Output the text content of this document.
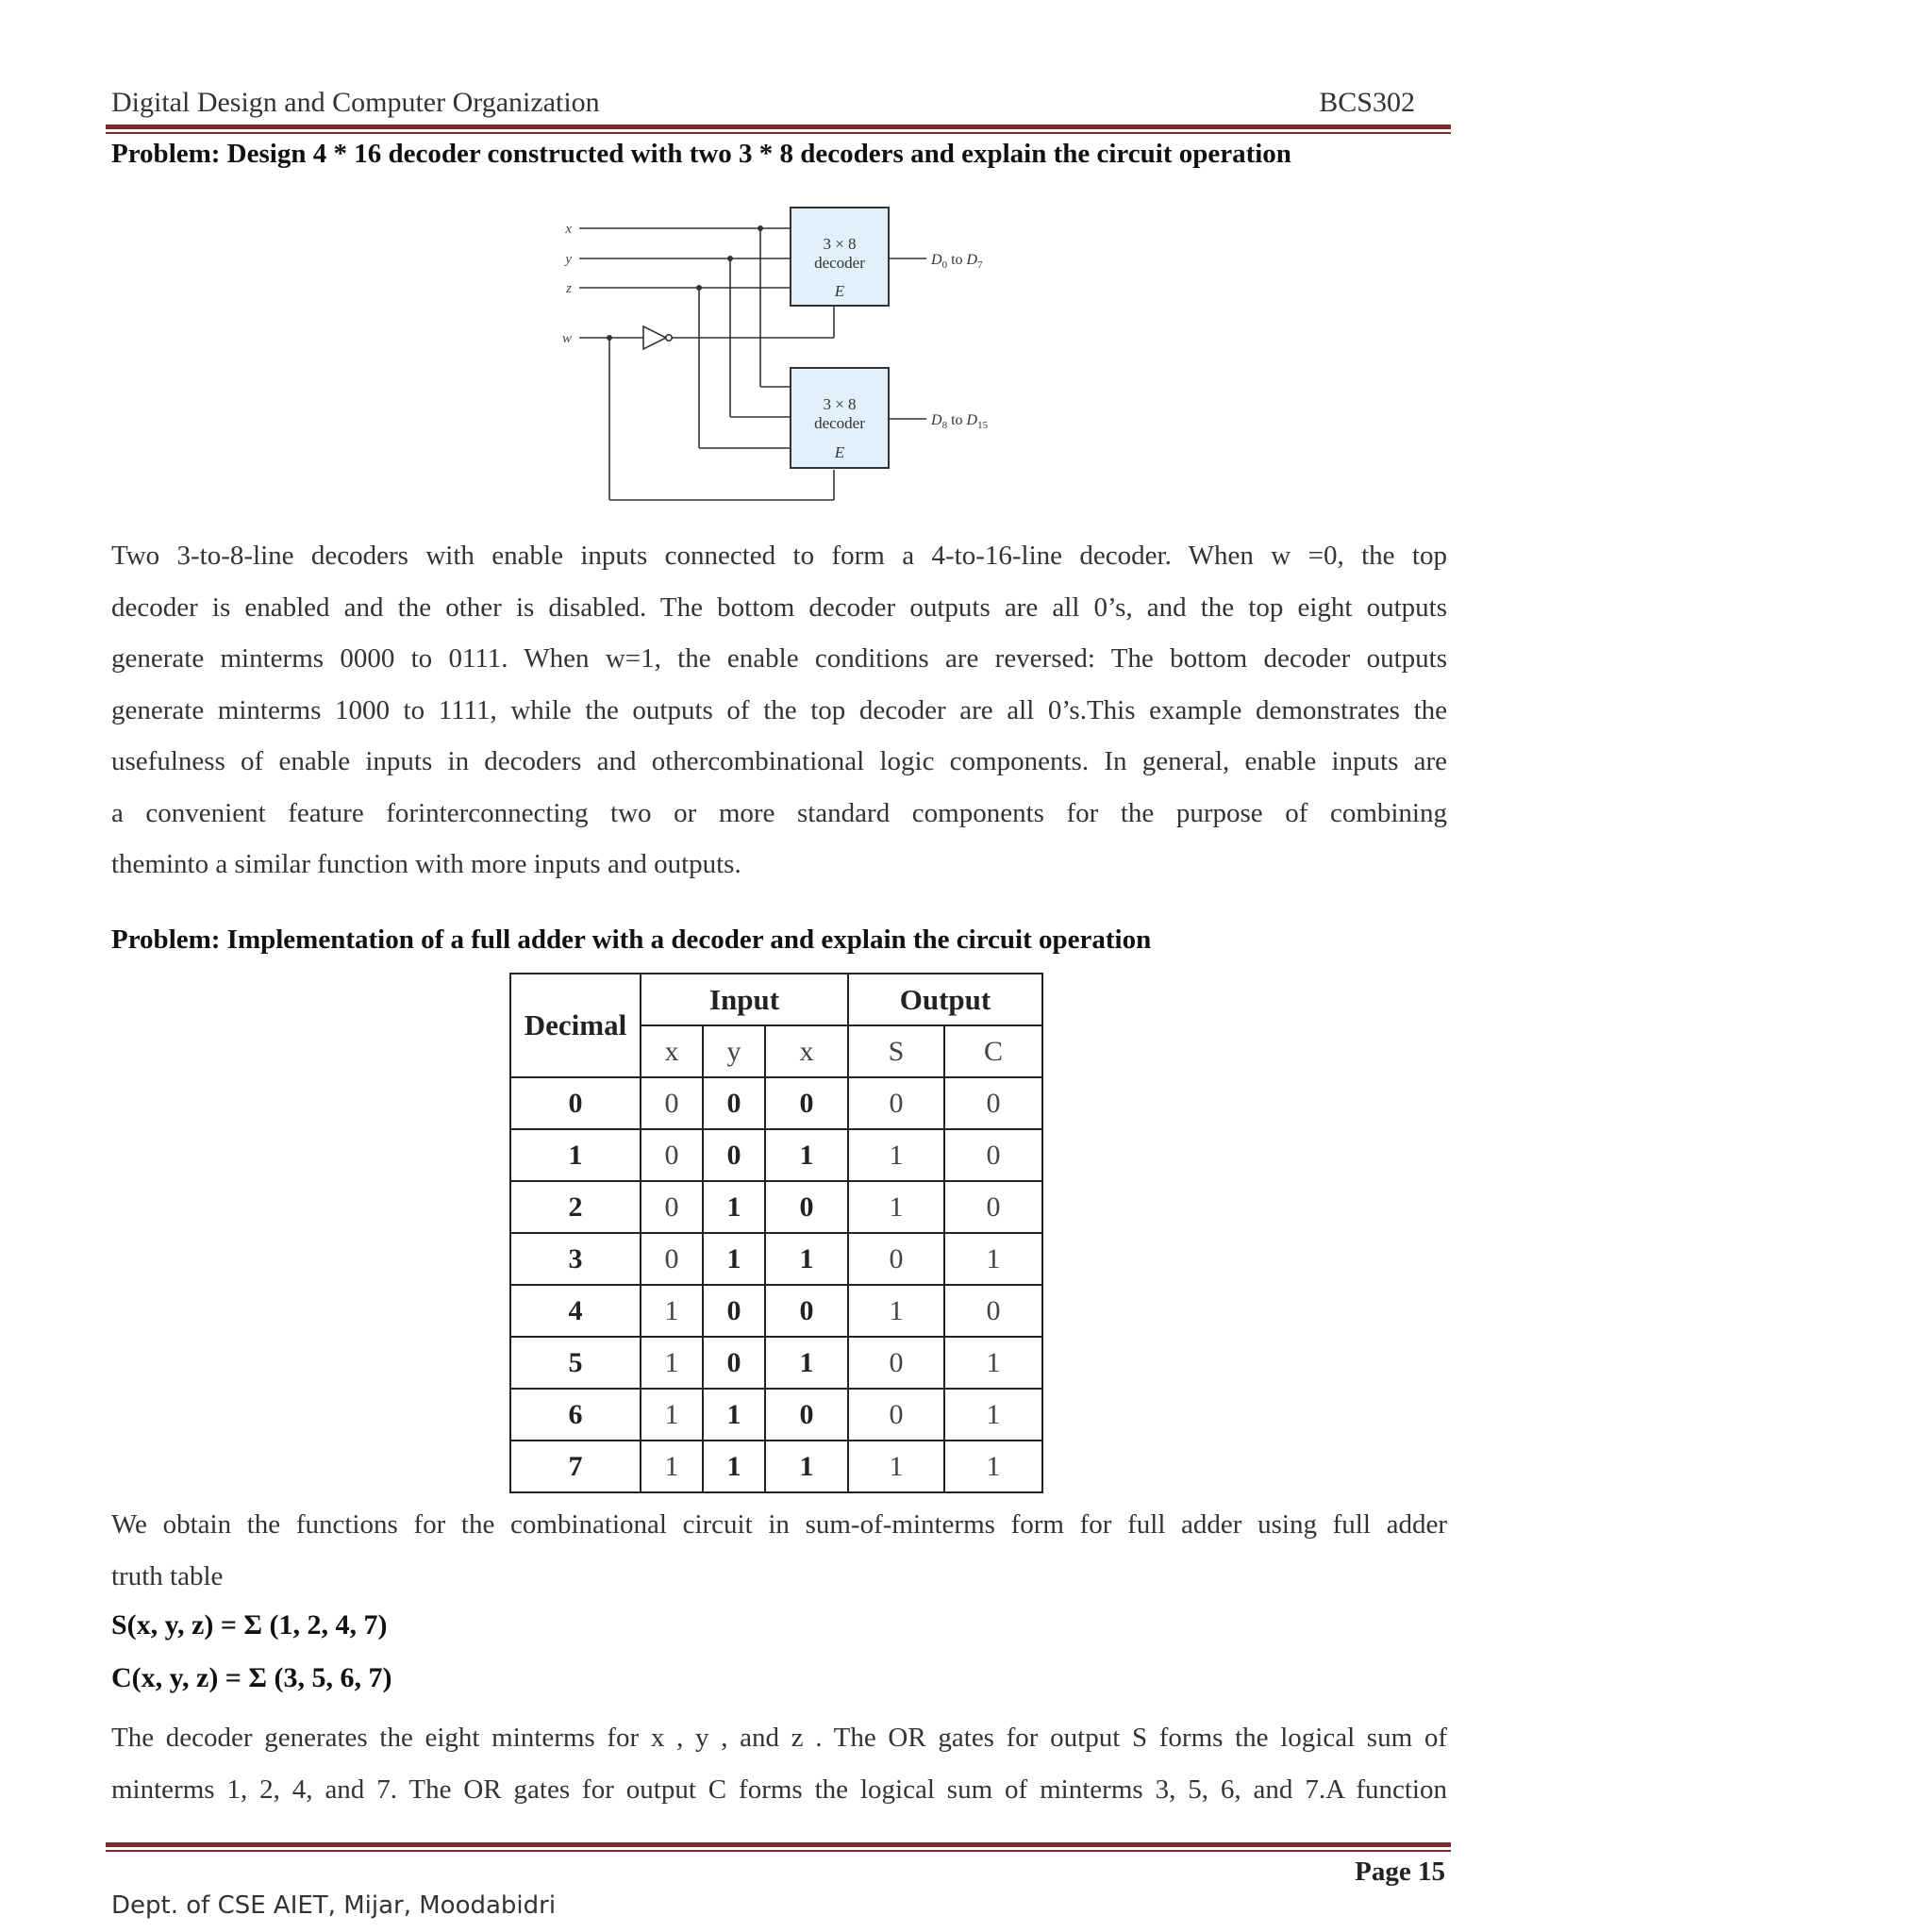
Digital Design and Computer Organization	BCS302
Problem: Design 4 * 16 decoder constructed with two 3 * 8 decoders and explain the circuit operation
3 × 8
decoder
E
3 × 8
decoder
E
x
y
z
w
$D_0$ to $D_7$
$D_8$ to $D_{15}$
Two 3-to-8-line decoders with enable inputs connected to form a 4-to-16-line decoder. When w =0, the top
decoder is enabled and the other is disabled. The bottom decoder outputs are all 0’s, and the top eight outputs
generate minterms 0000 to 0111. When w=1, the enable conditions are reversed: The bottom decoder outputs
generate minterms 1000 to 1111, while the outputs of the top decoder are all 0’s.This example demonstrates the
usefulness of enable inputs in decoders and othercombinational logic components. In general, enable inputs are
a convenient feature forinterconnecting two or more standard components for the purpose of combining
theminto a similar function with more inputs and outputs.
Problem: Implementation of a full adder with a decoder and explain the circuit operation
Decimal	Input			Output	
	x	y	x	S	C
0	0	0	0	0	0
1	0	0	1	1	0
2	0	1	0	1	0
3	0	1	1	0	1
4	1	0	0	1	0
5	1	0	1	0	1
6	1	1	0	0	1
7	1	1	1	1	1
We obtain the functions for the combinational circuit in sum-of-minterms form for full adder using full adder
truth table
S(x, y, z) = Σ (1, 2, 4, 7)
C(x, y, z) = Σ (3, 5, 6, 7)
The decoder generates the eight minterms for x , y , and z . The OR gates for output S forms the logical sum of
minterms 1, 2, 4, and 7. The OR gates for output C forms the logical sum of minterms 3, 5, 6, and 7.A function
Page 15
Dept. of CSE AIET, Mijar, Moodabidri
